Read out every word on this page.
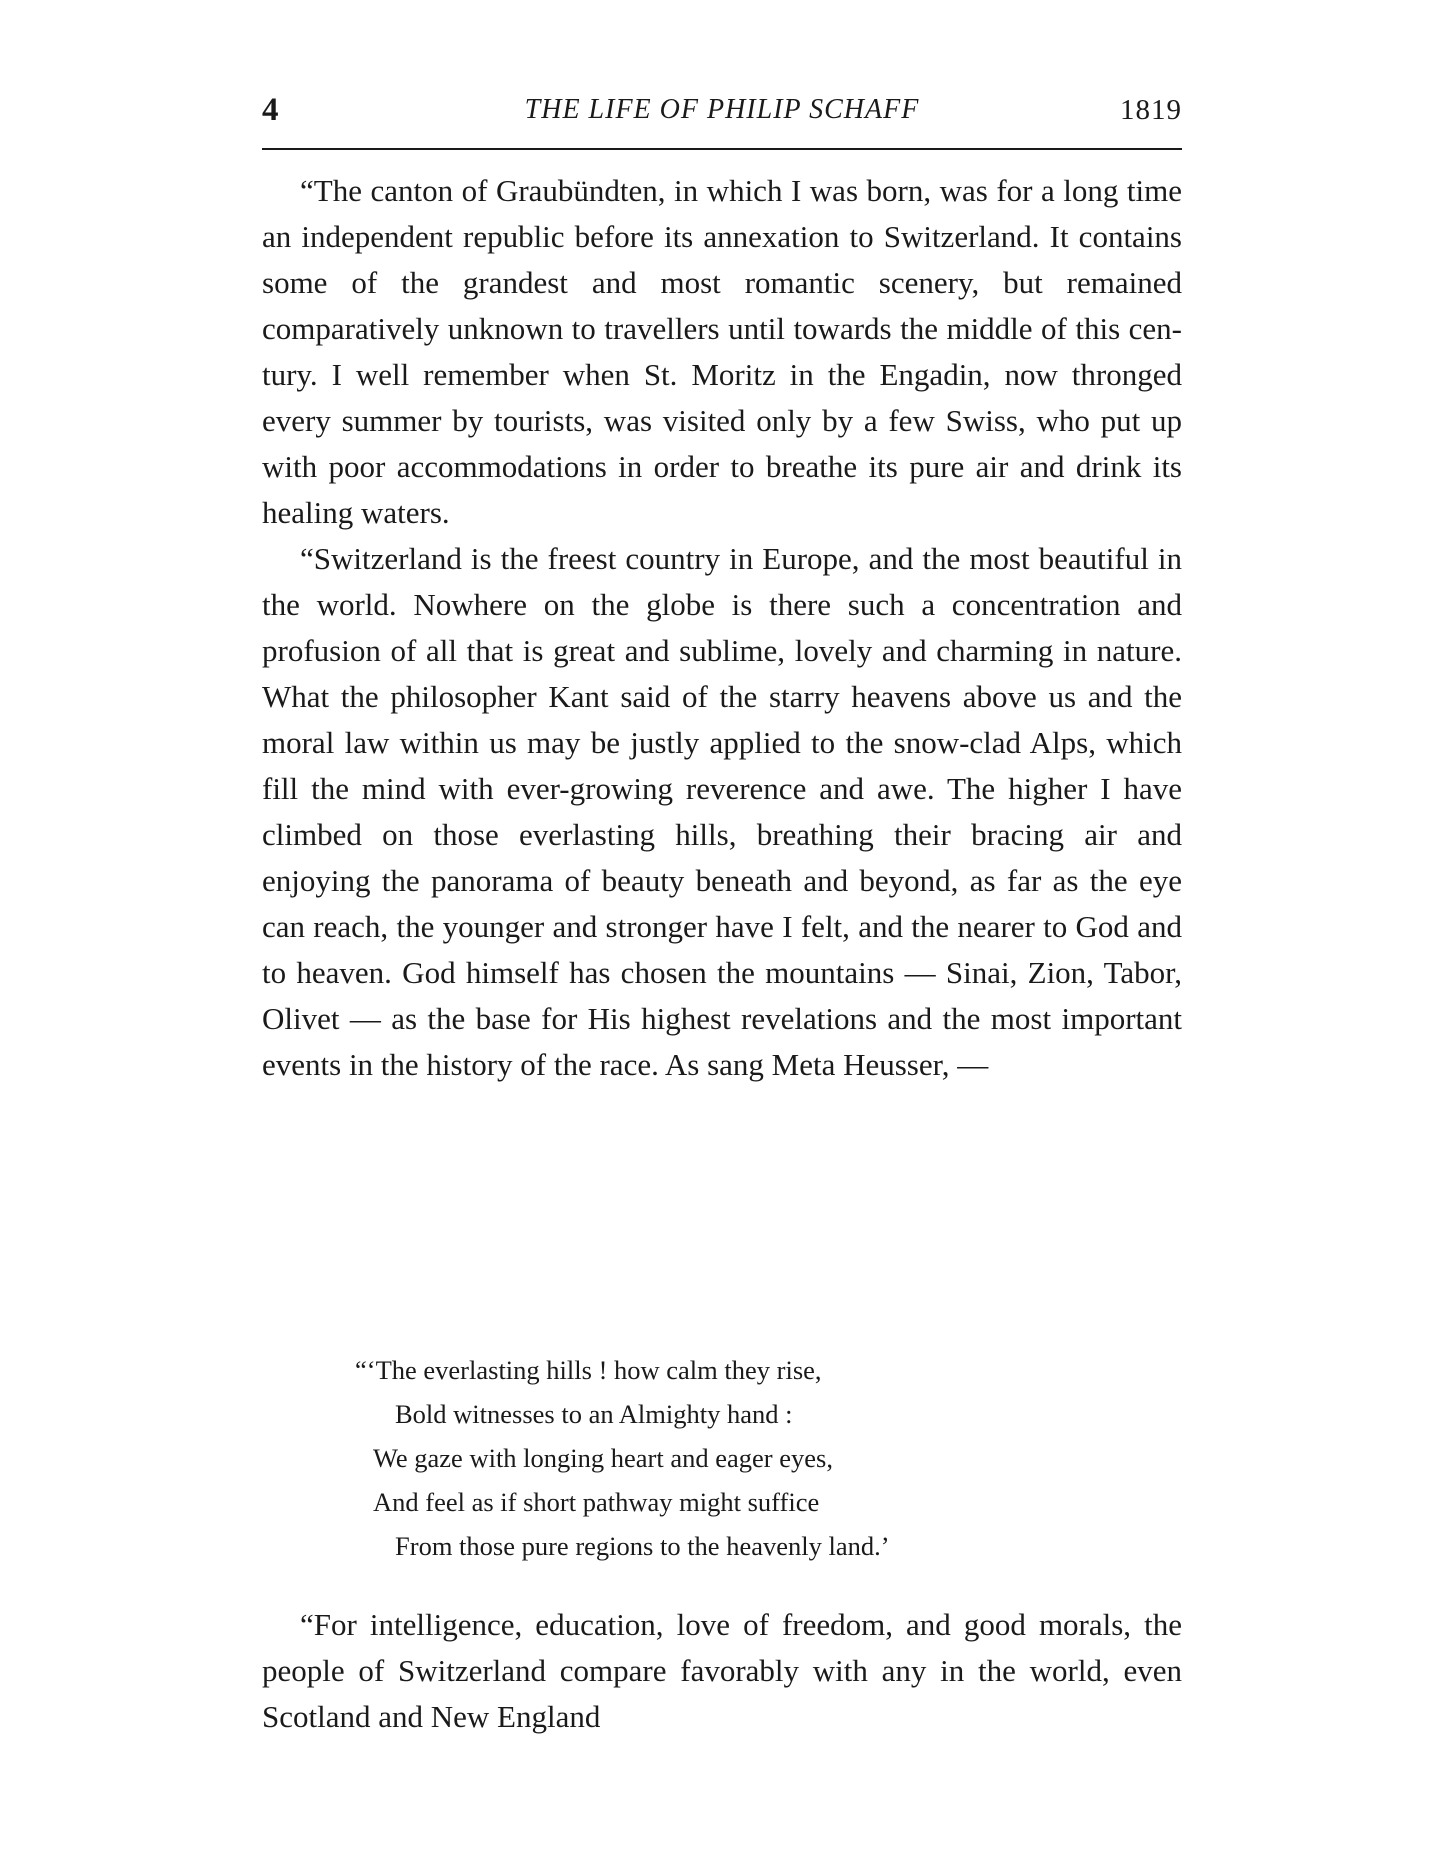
4	THE LIFE OF PHILIP SCHAFF	1819

“The canton of Graubündten, in which I was born, was for a long time an independent republic before its annexation to Switzerland. It contains some of the grandest and most romantic scenery, but remained comparatively unknown to travellers until towards the middle of this century. I well remember when St. Moritz in the Engadin, now thronged every summer by tourists, was visited only by a few Swiss, who put up with poor accommodations in order to breathe its pure air and drink its healing waters.

“Switzerland is the freest country in Europe, and the most beautiful in the world. Nowhere on the globe is there such a concentration and profusion of all that is great and sublime, lovely and charming in nature. What the philosopher Kant said of the starry heavens above us and the moral law within us may be justly applied to the snow-clad Alps, which fill the mind with ever-growing reverence and awe. The higher I have climbed on those everlasting hills, breathing their bracing air and enjoying the panorama of beauty beneath and beyond, as far as the eye can reach, the younger and stronger have I felt, and the nearer to God and to heaven. God himself has chosen the mountains — Sinai, Zion, Tabor, Olivet — as the base for His highest revelations and the most important events in the history of the race. As sang Meta Heusser, —

“‘The everlasting hills ! how calm they rise,
Bold witnesses to an Almighty hand :
We gaze with longing heart and eager eyes,
And feel as if short pathway might suffice
From those pure regions to the heavenly land.’

“For intelligence, education, love of freedom, and good morals, the people of Switzerland compare favorably with any in the world, even Scotland and New England
